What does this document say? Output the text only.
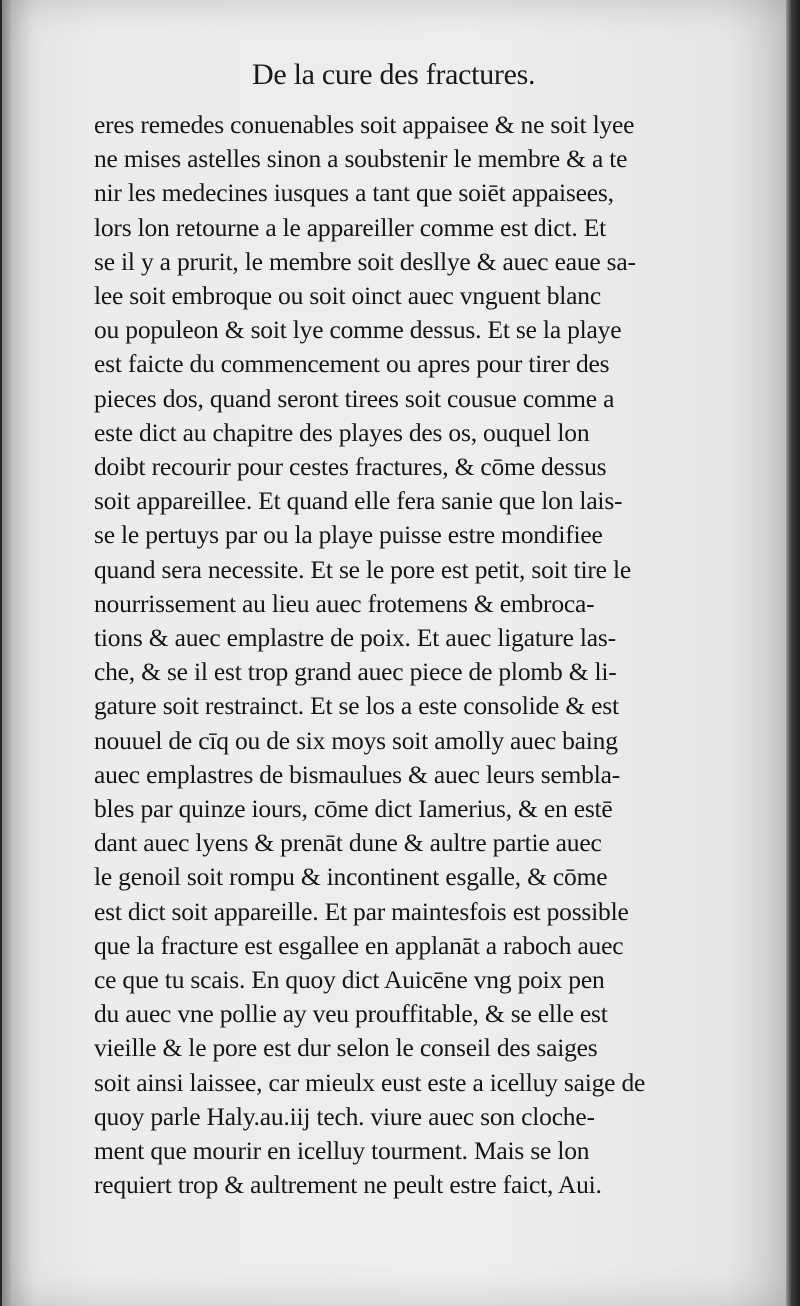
De la cure des fractures.
eres remedes conuenables soit appaisee & ne soit lyee
ne mises astelles sinon a soubstenir le membre & a te
nir les medecines iusques a tant que soiēt appaisees,
lors lon retourne a le appareiller comme est dict. Et
se il y a prurit, le membre soit desllye & auec eaue sa-
lee soit embroque ou soit oinct auec vnguent blanc
ou populeon & soit lye comme dessus. Et se la playe
est faicte du commencement ou apres pour tirer des
pieces dos, quand seront tirees soit cousue comme a
este dict au chapitre des playes des os, ouquel lon
doibt recourir pour cestes fractures, & cōme dessus
soit appareillee. Et quand elle fera sanie que lon lais-
se le pertuys par ou la playe puisse estre mondifiee
quand sera necessite. Et se le pore est petit, soit tire le
nourrissement au lieu auec frotemens & embroca-
tions & auec emplastre de poix. Et auec ligature las-
che, & se il est trop grand auec piece de plomb & li-
gature soit restrainct. Et se los a este consolide & est
nouuel de cīq ou de six moys soit amolly auec baing
auec emplastres de bismaulues & auec leurs sembla-
bles par quinze iours, cōme dict Iamerius, & en estē
dant auec lyens & prenāt dune & aultre partie auec
le genoil soit rompu & incontinent esgalle, & cōme
est dict soit appareille. Et par maintesfois est possible
que la fracture est esgallee en applanāt a raboch auec
ce que tu scais. En quoy dict Auicēne vng poix pen
du auec vne pollie ay veu prouffitable, & se elle est
vieille & le pore est dur selon le conseil des saiges
soit ainsi laissee, car mieulx eust este a icelluy saige de
quoy parle Haly.au.iij tech. viure auec son cloche-
ment que mourir en icelluy tourment. Mais se lon
requiert trop & aultrement ne peult estre faict, Aui.
